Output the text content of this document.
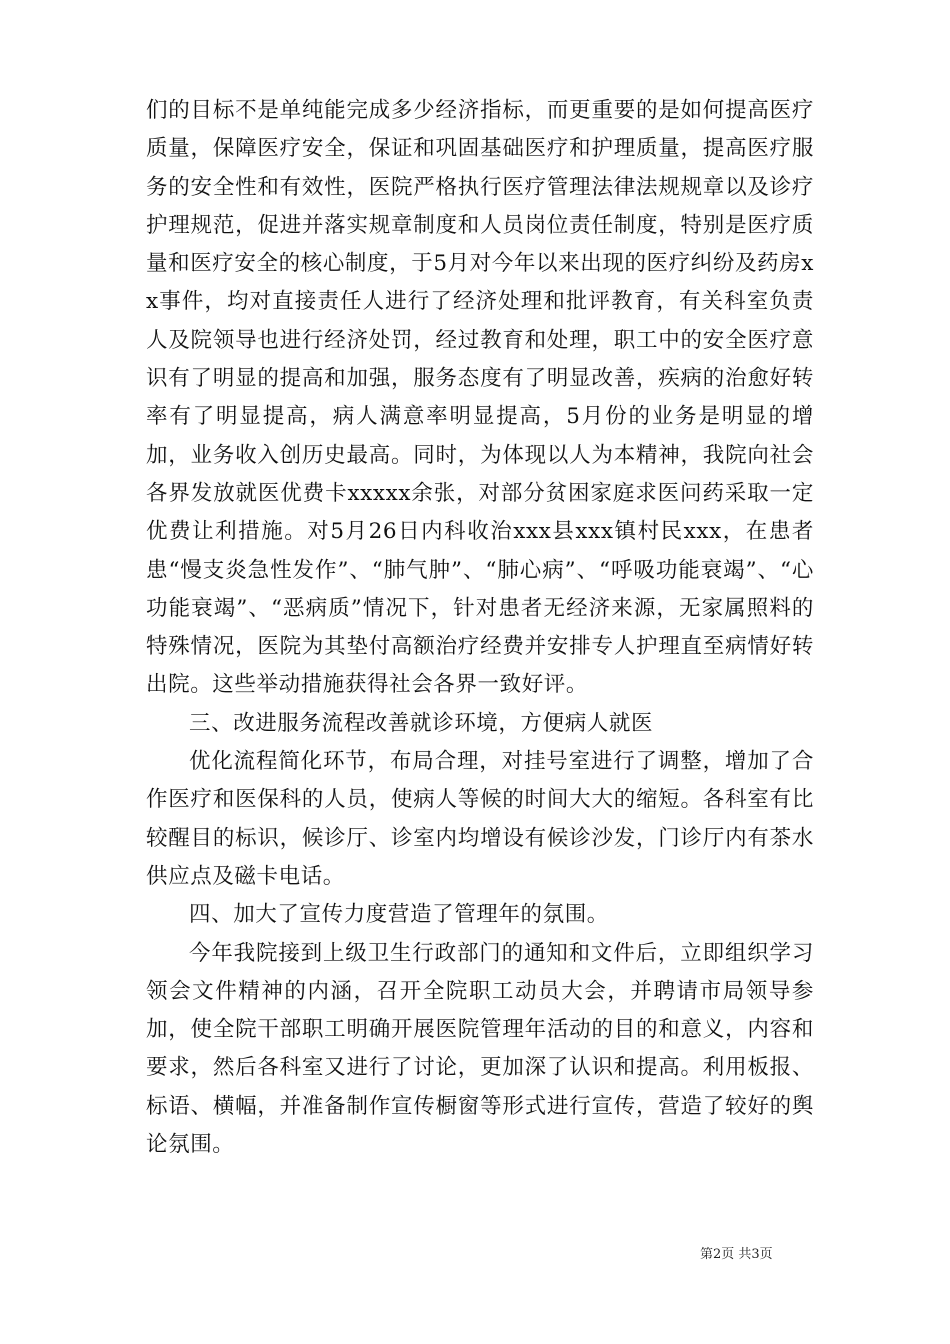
们的目标不是单纯能完成多少经济指标，而更重要的是如何提高医疗质量，保障医疗安全，保证和巩固基础医疗和护理质量，提高医疗服务的安全性和有效性，医院严格执行医疗管理法律法规规章以及诊疗护理规范，促进并落实规章制度和人员岗位责任制度，特别是医疗质量和医疗安全的核心制度，于5月对今年以来出现的医疗纠纷及药房xx事件，均对直接责任人进行了经济处理和批评教育，有关科室负责人及院领导也进行经济处罚，经过教育和处理，职工中的安全医疗意识有了明显的提高和加强，服务态度有了明显改善，疾病的治愈好转率有了明显提高，病人满意率明显提高，5月份的业务是明显的增加，业务收入创历史最高。同时，为体现以人为本精神，我院向社会各界发放就医优费卡xxxxx余张，对部分贫困家庭求医问药采取一定优费让利措施。对5月26日内科收治xxx县xxx镇村民xxx，在患者患“慢支炎急性发作”、“肺气肿”、“肺心病”、“呼吸功能衰竭”、“心功能衰竭”、“恶病质”情况下，针对患者无经济来源，无家属照料的特殊情况，医院为其垫付高额治疗经费并安排专人护理直至病情好转出院。这些举动措施获得社会各界一致好评。

三、改进服务流程改善就诊环境，方便病人就医

优化流程简化环节，布局合理，对挂号室进行了调整，增加了合作医疗和医保科的人员，使病人等候的时间大大的缩短。各科室有比较醒目的标识，候诊厅、诊室内均增设有候诊沙发，门诊厅内有茶水供应点及磁卡电话。

四、加大了宣传力度营造了管理年的氛围。

今年我院接到上级卫生行政部门的通知和文件后，立即组织学习领会文件精神的内涵，召开全院职工动员大会，并聘请市局领导参加，使全院干部职工明确开展医院管理年活动的目的和意义，内容和要求，然后各科室又进行了讨论，更加深了认识和提高。利用板报、标语、横幅，并准备制作宣传橱窗等形式进行宣传，营造了较好的舆论氛围。

第2页 共3页
